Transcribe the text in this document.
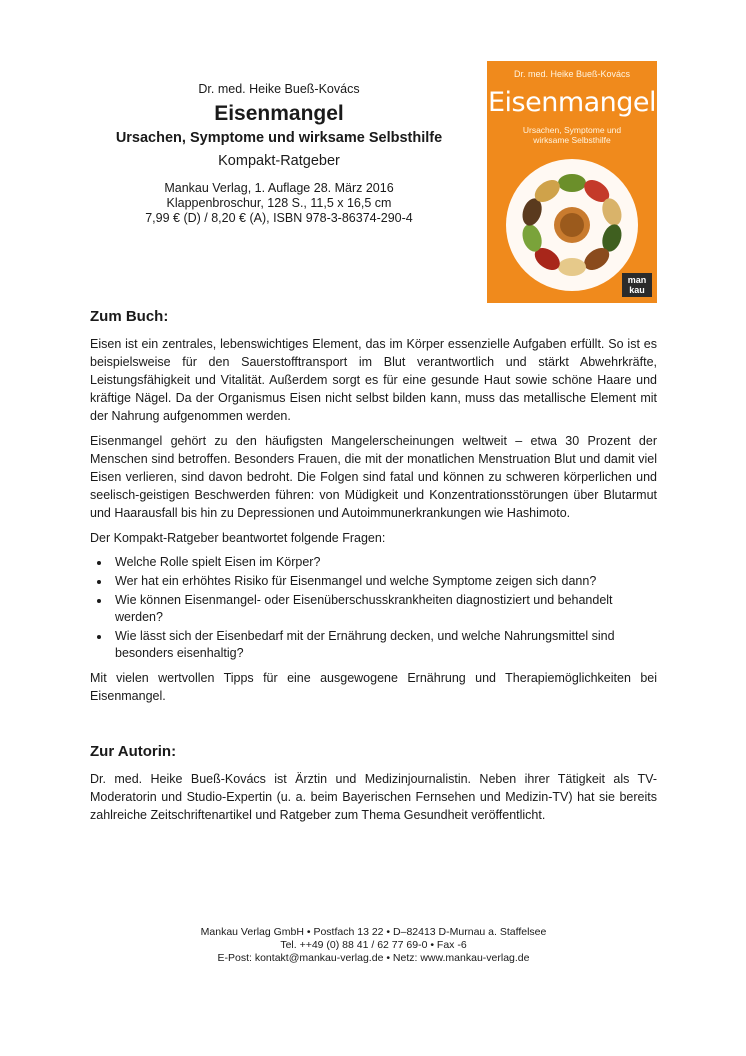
Dr. med. Heike Bueß-Kovács
Eisenmangel
Ursachen, Symptome und wirksame Selbsthilfe
Kompakt-Ratgeber
Mankau Verlag, 1. Auflage 28. März 2016
Klappenbroschur, 128 S., 11,5 x 16,5 cm
7,99 € (D) / 8,20 € (A), ISBN 978-3-86374-290-4
Dr. med. Heike Bueß-Kovács
Eisenmangel
Ursachen, Symptome und wirksame Selbsthilfe
man
kau
Zum Buch:

Eisen ist ein zentrales, lebenswichtiges Element, das im Körper essenzielle Aufgaben erfüllt. So ist es beispielsweise für den Sauerstofftransport im Blut verantwortlich und stärkt Abwehrkräfte, Leistungsfähigkeit und Vitalität. Außerdem sorgt es für eine gesunde Haut sowie schöne Haare und kräftige Nägel. Da der Organismus Eisen nicht selbst bilden kann, muss das metallische Element mit der Nahrung aufgenommen werden.

Eisenmangel gehört zu den häufigsten Mangelerscheinungen weltweit – etwa 30 Prozent der Menschen sind betroffen. Besonders Frauen, die mit der monatlichen Menstruation Blut und damit viel Eisen verlieren, sind davon bedroht. Die Folgen sind fatal und können zu schweren körperlichen und seelisch-geistigen Beschwerden führen: von Müdigkeit und Konzentrationsstörungen über Blutarmut und Haarausfall bis hin zu Depressionen und Autoimmunerkrankungen wie Hashimoto.

Der Kompakt-Ratgeber beantwortet folgende Fragen:

• Welche Rolle spielt Eisen im Körper?
• Wer hat ein erhöhtes Risiko für Eisenmangel und welche Symptome zeigen sich dann?
• Wie können Eisenmangel- oder Eisenüberschusskrankheiten diagnostiziert und behandelt werden?
• Wie lässt sich der Eisenbedarf mit der Ernährung decken, und welche Nahrungsmittel sind besonders eisenhaltig?

Mit vielen wertvollen Tipps für eine ausgewogene Ernährung und Therapiemöglichkeiten bei Eisenmangel.

Zur Autorin:

Dr. med. Heike Bueß-Kovács ist Ärztin und Medizinjournalistin. Neben ihrer Tätigkeit als TV-Moderatorin und Studio-Expertin (u. a. beim Bayerischen Fernsehen und Medizin-TV) hat sie bereits zahlreiche Zeitschriftenartikel und Ratgeber zum Thema Gesundheit veröffentlicht.

Mankau Verlag GmbH • Postfach 13 22 • D–82413 D-Murnau a. Staffelsee
Tel. ++49 (0) 88 41 / 62 77 69-0 • Fax -6
E-Post: kontakt@mankau-verlag.de • Netz: www.mankau-verlag.de
